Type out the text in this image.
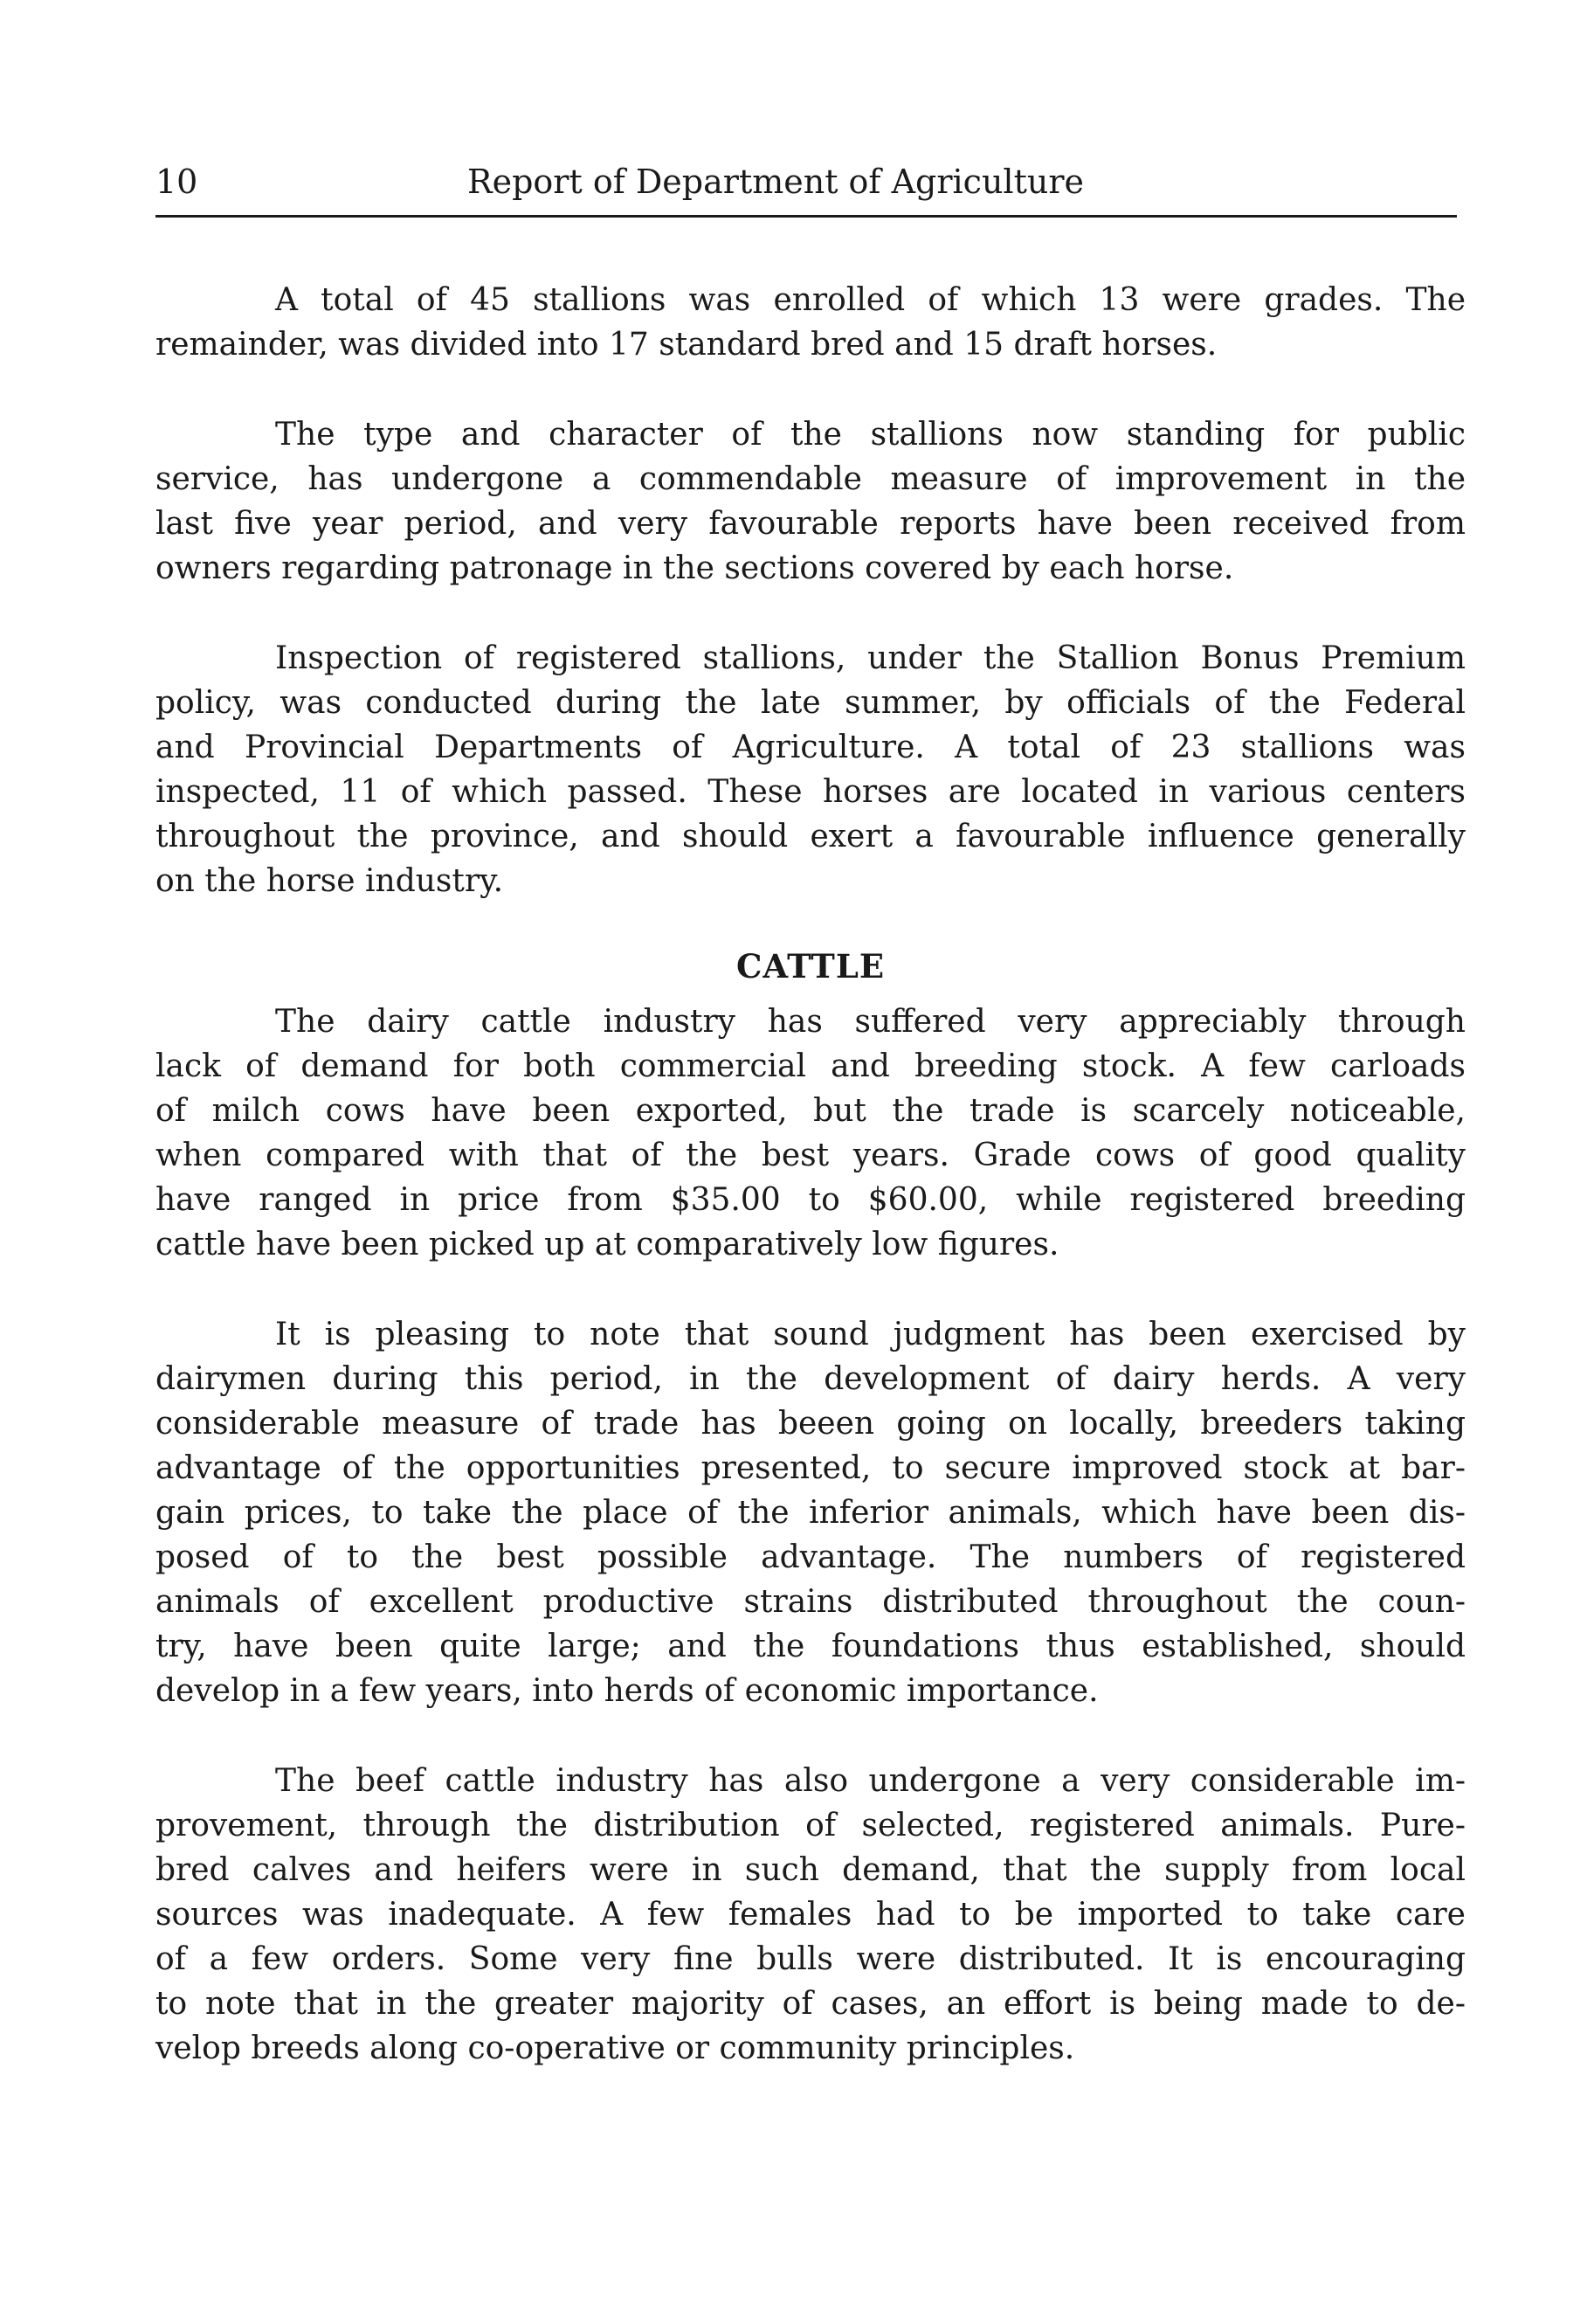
10	Report of Department of Agriculture

A total of 45 stallions was enrolled of which 13 were grades. The
remainder, was divided into 17 standard bred and 15 draft horses.

The type and character of the stallions now standing for public
service, has undergone a commendable measure of improvement in the
last five year period, and very favourable reports have been received from
owners regarding patronage in the sections covered by each horse.

Inspection of registered stallions, under the Stallion Bonus Premium
policy, was conducted during the late summer, by officials of the Federal
and Provincial Departments of Agriculture. A total of 23 stallions was
inspected, 11 of which passed. These horses are located in various centers
throughout the province, and should exert a favourable influence generally
on the horse industry.

CATTLE

The dairy cattle industry has suffered very appreciably through
lack of demand for both commercial and breeding stock. A few carloads
of milch cows have been exported, but the trade is scarcely noticeable,
when compared with that of the best years. Grade cows of good quality
have ranged in price from $35.00 to $60.00, while registered breeding
cattle have been picked up at comparatively low figures.

It is pleasing to note that sound judgment has been exercised by
dairymen during this period, in the development of dairy herds. A very
considerable measure of trade has beeen going on locally, breeders taking
advantage of the opportunities presented, to secure improved stock at bar-
gain prices, to take the place of the inferior animals, which have been dis-
posed of to the best possible advantage. The numbers of registered
animals of excellent productive strains distributed throughout the coun-
try, have been quite large; and the foundations thus established, should
develop in a few years, into herds of economic importance.

The beef cattle industry has also undergone a very considerable im-
provement, through the distribution of selected, registered animals. Pure-
bred calves and heifers were in such demand, that the supply from local
sources was inadequate. A few females had to be imported to take care
of a few orders. Some very fine bulls were distributed. It is encouraging
to note that in the greater majority of cases, an effort is being made to de-
velop breeds along co-operative or community principles.
